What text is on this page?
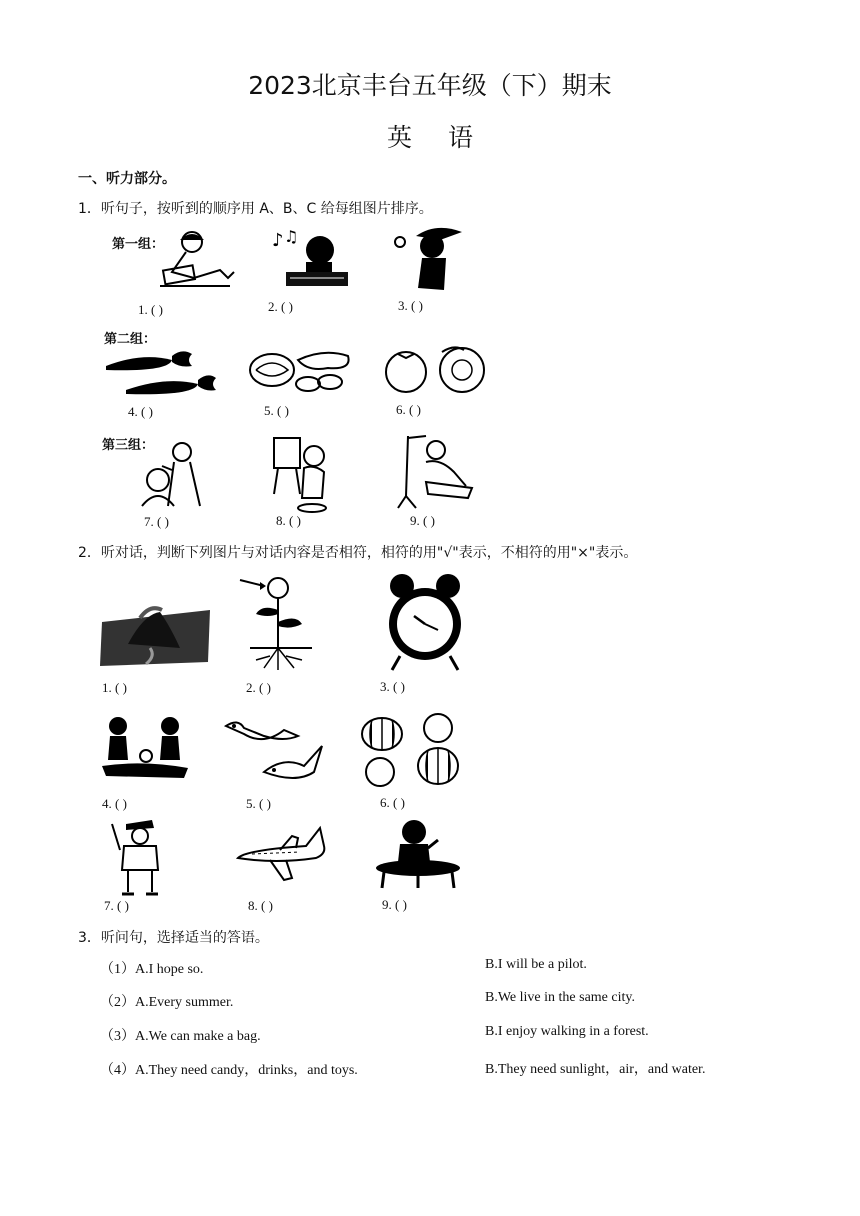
2023北京丰台五年级（下）期末
英语
一、听力部分。
1．听句子，按听到的顺序用 A、B、C 给每组图片排序。
第一组：
第二组：
第三组：
♪ ♫
1. ( )	2. ( )	3. ( )
4. ( )	5. ( )	6. ( )
7. ( )	8. ( )	9. ( )
2．听对话，判断下列图片与对话内容是否相符，相符的用"√"表示，不相符的用"×"表示。
1. ( )	2. ( )	3. ( )
4. ( )	5. ( )	6. ( )
7. ( )	8. ( )	9. ( )
3．听问句，选择适当的答语。
（1）A.I hope so.	B.I will be a pilot.
（2）A.Every summer.	B.We live in the same city.
（3）A.We can make a bag.	B.I enjoy walking in a forest.
（4）A.They need candy，drinks，and toys.	B.They need sunlight，air，and water.
